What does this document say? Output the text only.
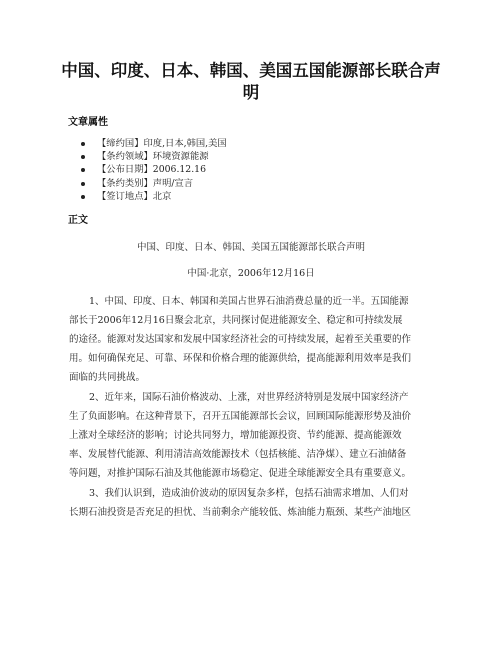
中国、印度、日本、韩国、美国五国能源部长联合声
明
文章属性
【缔约国】印度,日本,韩国,美国
【条约领域】环境资源能源
【公布日期】2006.12.16
【条约类别】声明/宣言
【签订地点】北京
正文
中国、印度、日本、韩国、美国五国能源部长联合声明
中国·北京，2006年12月16日
1、中国、印度、日本、韩国和美国占世界石油消费总量的近一半。五国能源
部长于2006年12月16日聚会北京，共同探讨促进能源安全、稳定和可持续发展
的途径。能源对发达国家和发展中国家经济社会的可持续发展，起着至关重要的作
用。如何确保充足、可靠、环保和价格合理的能源供给，提高能源利用效率是我们
面临的共同挑战。
2、近年来，国际石油价格波动、上涨，对世界经济特别是发展中国家经济产
生了负面影响。在这种背景下，召开五国能源部长会议，回顾国际能源形势及油价
上涨对全球经济的影响；讨论共同努力，增加能源投资、节约能源、提高能源效
率、发展替代能源、利用清洁高效能源技术（包括核能、洁净煤）、建立石油储备
等问题，对推护国际石油及其他能源市场稳定、促进全球能源安全具有重要意义。
3、我们认识到，造成油价波动的原因复杂多样，包括石油需求增加、人们对
长期石油投资是否充足的担忧、当前剩余产能较低、炼油能力瓶颈、某些产油地区
